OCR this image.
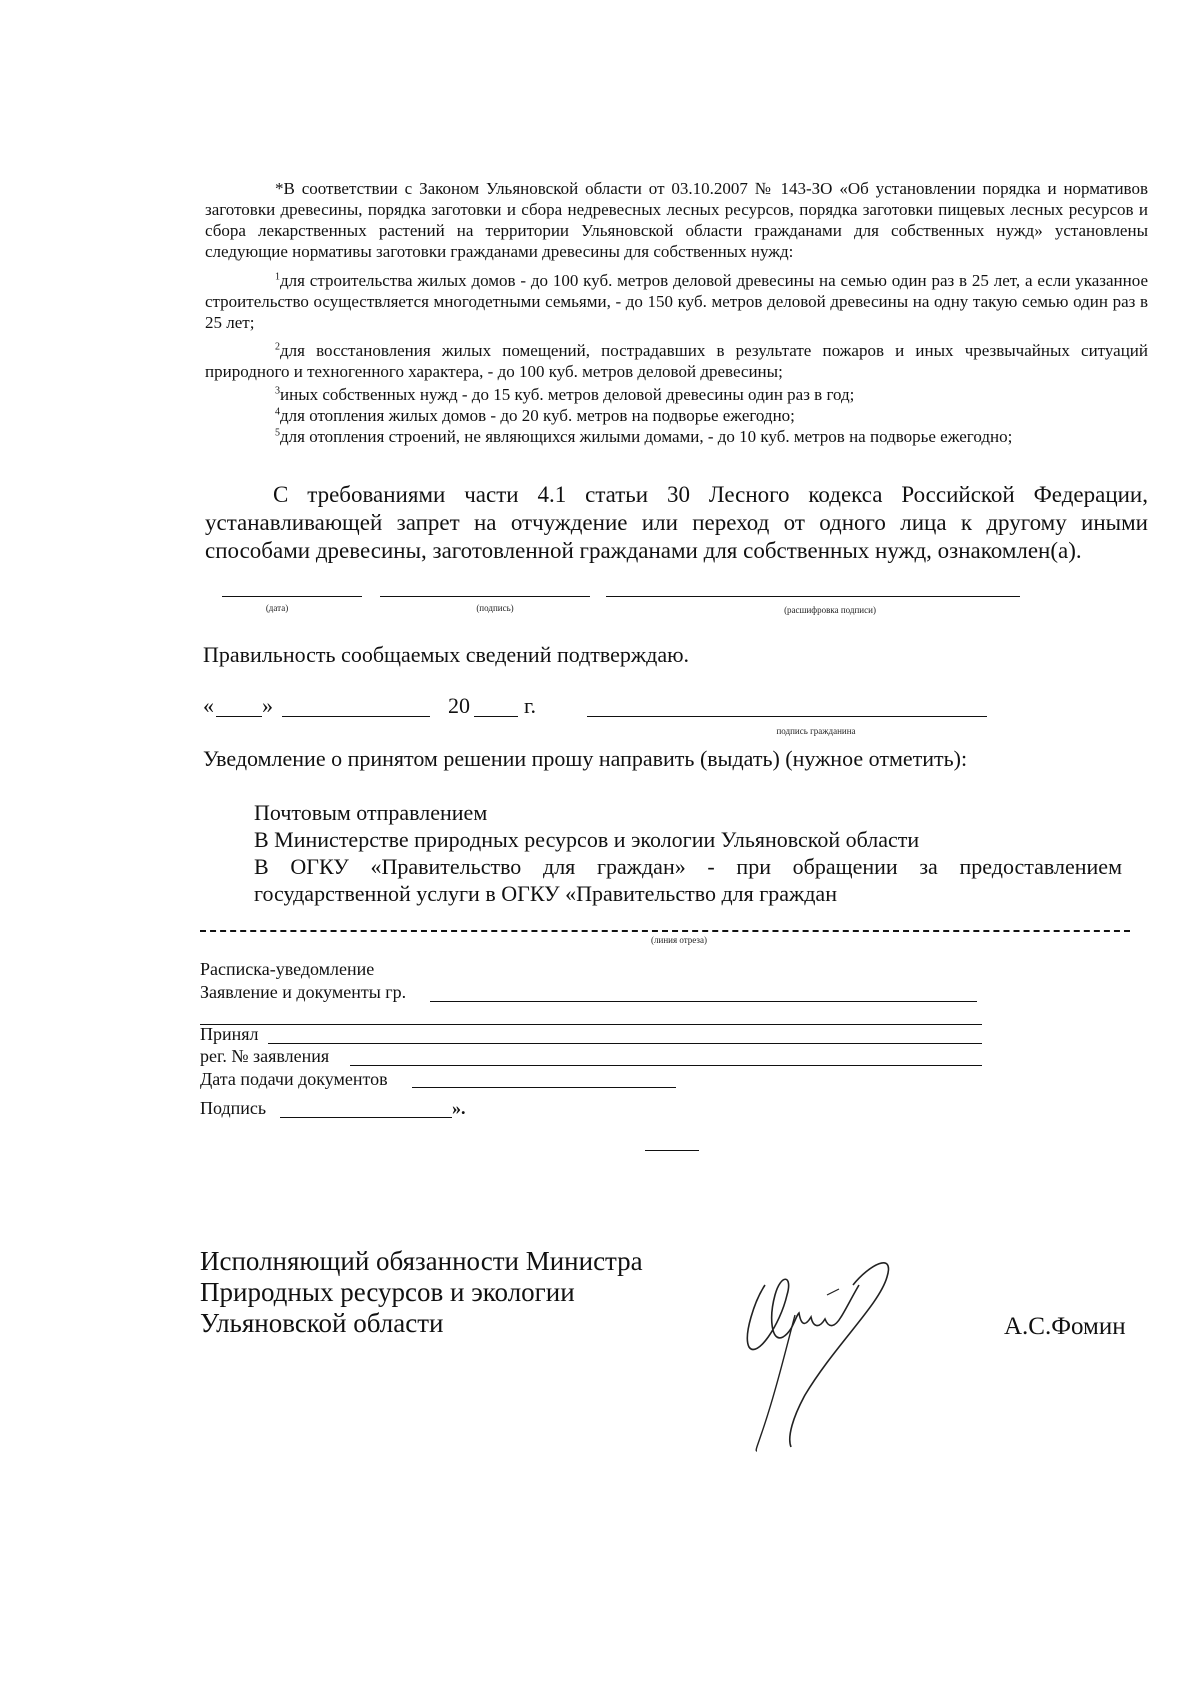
*В соответствии с Законом Ульяновской области от 03.10.2007 № 143-ЗО «Об установлении порядка и нормативов заготовки древесины, порядка заготовки и сбора недревесных лесных ресурсов, порядка заготовки пищевых лесных ресурсов и сбора лекарственных растений на территории Ульяновской области гражданами для собственных нужд» установлены следующие нормативы заготовки гражданами древесины для собственных нужд:

$^1$для строительства жилых домов - до 100 куб. метров деловой древесины на семью один раз в 25 лет, а если указанное строительство осуществляется многодетными семьями, - до 150 куб. метров деловой древесины на одну такую семью один раз в 25 лет;

$^2$для восстановления жилых помещений, пострадавших в результате пожаров и иных чрезвычайных ситуаций природного и техногенного характера, - до 100 куб. метров деловой древесины;

$^3$иных собственных нужд - до 15 куб. метров деловой древесины один раз в год;

$^4$для отопления жилых домов - до 20 куб. метров на подворье ежегодно;

$^5$для отопления строений, не являющихся жилыми домами, - до 10 куб. метров на подворье ежегодно;

С требованиями части 4.1 статьи 30 Лесного кодекса Российской Федерации, устанавливающей запрет на отчуждение или переход от одного лица к другому иными способами древесины, заготовленной гражданами для собственных нужд, ознакомлен(а).

(дата)	(подпись)	(расшифровка подписи)
Правильность сообщаемых сведений подтверждаю.
« »	20 г.
подпись гражданина
Уведомление о принятом решении прошу направить (выдать) (нужное отметить):

Почтовым отправлением

В Министерстве природных ресурсов и экологии Ульяновской области

В ОГКУ «Правительство для граждан» - при обращении за предоставлением государственной услуги в ОГКУ «Правительство для граждан

(линия отреза)
Расписка-уведомление
Заявление и документы гр.
Принял
рег. № заявления
Дата подачи документов
Подпись	».
Исполняющий обязанности Министра
Природных ресурсов и экологии
Ульяновской области	А.С.Фомин
